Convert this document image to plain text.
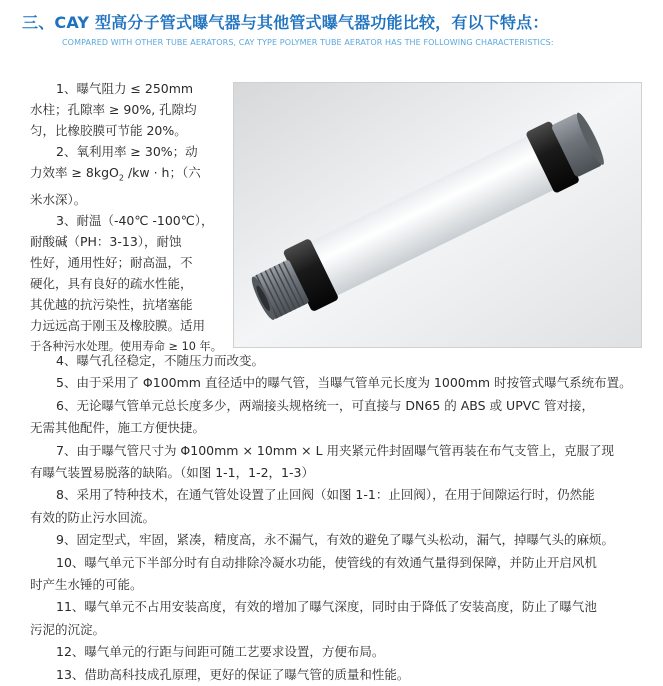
三、CAY 型高分子管式曝气器与其他管式曝气器功能比较，有以下特点：
COMPARED WITH OTHER TUBE AERATORS, CAY TYPE POLYMER TUBE AERATOR HAS THE FOLLOWING CHARACTERISTICS:

1、曝气阻力 ≤ 250mm

水柱；孔隙率 ≥ 90%, 孔隙均

匀，比橡胶膜可节能 20%。

2、氧利用率 ≥ 30%；动

力效率 ≥ 8kgO$_2$ /kw · h；（六

米水深）。

3、耐温（-40℃ -100℃），

耐酸碱（PH：3-13），耐蚀

性好，通用性好；耐高温，不

硬化，具有良好的疏水性能，

其优越的抗污染性，抗堵塞能

力远远高于刚玉及橡胶膜。适用

于各种污水处理。使用寿命 ≥ 10 年。

4、曝气孔径稳定，不随压力而改变。

5、由于采用了 Φ100mm 直径适中的曝气管，当曝气管单元长度为 1000mm 时按管式曝气系统布置。

6、无论曝气管单元总长度多少，两端接头规格统一，可直接与 DN65 的 ABS 或 UPVC 管对接，

无需其他配件，施工方便快捷。

7、由于曝气管尺寸为 Φ100mm × 10mm × L 用夹紧元件封固曝气管再装在布气支管上，克服了现

有曝气装置易脱落的缺陷。（如图 1-1，1-2，1-3）

8、采用了特种技术，在通气管处设置了止回阀（如图 1-1：止回阀），在用于间隙运行时，仍然能

有效的防止污水回流。

9、固定型式，牢固，紧凑，精度高，永不漏气，有效的避免了曝气头松动，漏气，掉曝气头的麻烦。

10、曝气单元下半部分时有自动排除冷凝水功能，使管线的有效通气量得到保障，并防止开启风机

时产生水锤的可能。

11、曝气单元不占用安装高度，有效的增加了曝气深度，同时由于降低了安装高度，防止了曝气池

污泥的沉淀。

12、曝气单元的行距与间距可随工艺要求设置，方便布局。

13、借助高科技成孔原理，更好的保证了曝气管的质量和性能。
